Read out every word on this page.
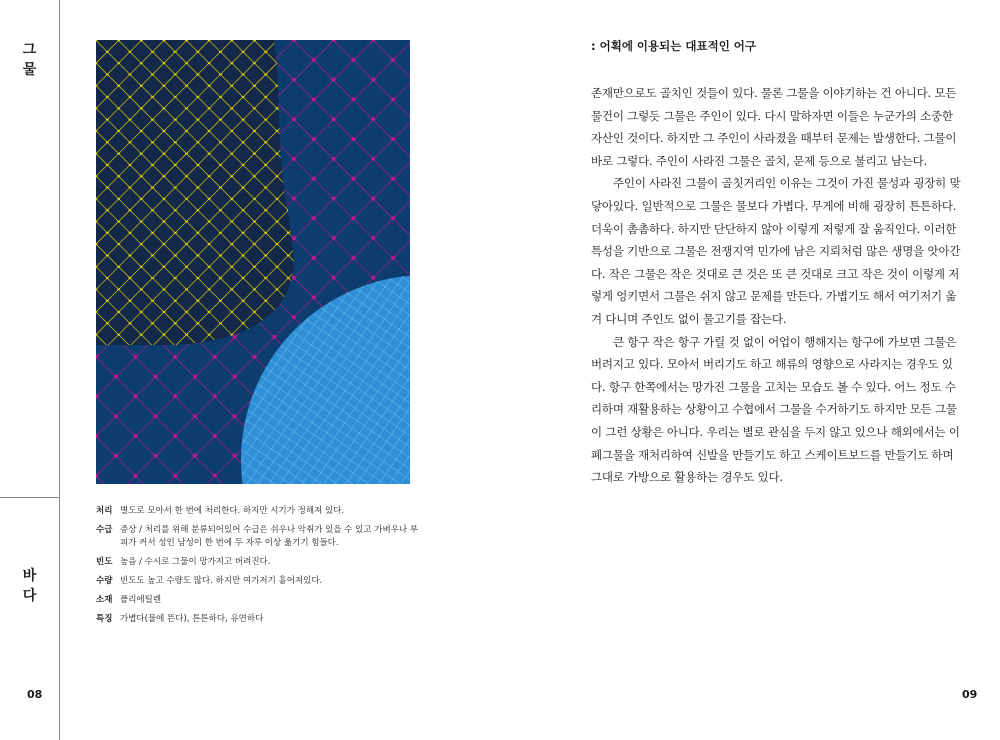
그
물
바
다
08	09
처리 별도로 모아서 한 번에 처리한다. 하지만 시기가 정해져 있다.
수급 증상 / 처리를 위해 분류되어있어 수급은 쉬우나 악취가 있을 수 있고 가벼우나 부피가 커서 성인 남성이 한 번에 두 자루 이상 옮기기 힘들다.
빈도 높음 / 수시로 그물이 망가지고 버려진다.
수량 빈도도 높고 수량도 많다. 하지만 여기저기 흩어져있다.
소재 폴리에틸렌
특징 가볍다(물에 뜬다), 튼튼하다, 유연하다
: 어획에 이용되는 대표적인 어구

존재만으로도 골치인 것들이 있다. 물론 그물을 이야기하는 건 아니다. 모든 물건이 그렇듯 그물은 주인이 있다. 다시 말하자면 이들은 누군가의 소중한 자산인 것이다. 하지만 그 주인이 사라졌을 때부터 문제는 발생한다. 그물이 바로 그렇다. 주인이 사라진 그물은 골치, 문제 등으로 불리고 남는다.

주인이 사라진 그물이 골칫거리인 이유는 그것이 가진 물성과 굉장히 맞닿아있다. 일반적으로 그물은 물보다 가볍다. 무게에 비해 굉장히 튼튼하다. 더욱이 촘촘하다. 하지만 단단하지 않아 이렇게 저렇게 잘 움직인다. 이러한 특성을 기반으로 그물은 전쟁지역 민가에 남은 지뢰처럼 많은 생명을 앗아간다. 작은 그물은 작은 것대로 큰 것은 또 큰 것대로 크고 작은 것이 이렇게 저렇게 엉키면서 그물은 쉬지 않고 문제를 만든다. 가볍기도 해서 여기저기 옮겨 다니며 주인도 없이 물고기를 잡는다.

큰 항구 작은 항구 가릴 것 없이 어업이 행해지는 항구에 가보면 그물은 버려지고 있다. 모아서 버리기도 하고 해류의 영향으로 사라지는 경우도 있다. 항구 한쪽에서는 망가진 그물을 고치는 모습도 볼 수 있다. 어느 정도 수리하며 재활용하는 상황이고 수협에서 그물을 수거하기도 하지만 모든 그물이 그런 상황은 아니다. 우리는 별로 관심을 두지 않고 있으나 해외에서는 이 폐그물을 재처리하여 신발을 만들기도 하고 스케이트보드를 만들기도 하며 그대로 가방으로 활용하는 경우도 있다.
